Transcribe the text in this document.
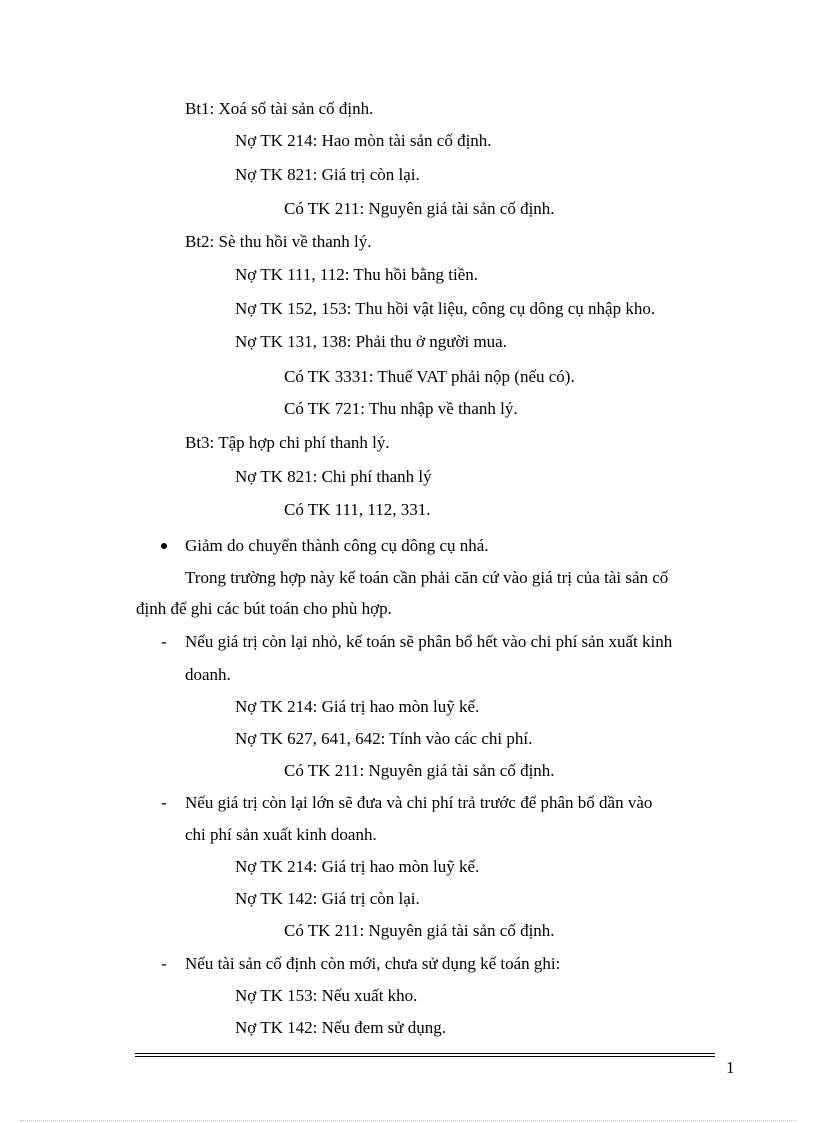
Bt1: Xoá sổ tài sản cố định.
Nợ TK 214: Hao mòn tài sản cố định.
Nợ TK 821: Giá trị còn lại.
Có TK 211: Nguyên giá tài sản cố định.
Bt2: Sè thu hồi về thanh lý.
Nợ TK 111, 112: Thu hồi bằng tiền.
Nợ TK 152, 153: Thu hồi vật liệu, công cụ dông cụ nhập kho.
Nợ TK 131, 138: Phải thu ở người mua.
Có TK 3331: Thuế VAT phải nộp (nếu có).
Có TK 721: Thu nhập về thanh lý.
Bt3: Tập hợp chi phí thanh lý.
Nợ TK 821: Chi phí thanh lý
Có TK 111, 112, 331.
Giảm do chuyển thành công cụ dông cụ nhá.
Trong trường hợp này kế toán cần phải căn cứ vào giá trị của tài sản cố
định để ghi các bút toán cho phù hợp.
- Nếu giá trị còn lại nhỏ, kế toán sẽ phân bổ hết vào chi phí sản xuất kinh
doanh.
Nợ TK 214: Giá trị hao mòn luỹ kế.
Nợ TK 627, 641, 642: Tính vào các chi phí.
Có TK 211: Nguyên giá tài sản cố định.
- Nếu giá trị còn lại lớn sẽ đưa và chi phí trả trước để phân bổ dần vào
chi phí sản xuất kinh doanh.
Nợ TK 214: Giá trị hao mòn luỹ kế.
Nợ TK 142: Giá trị còn lại.
Có TK 211: Nguyên giá tài sản cố định.
- Nếu tài sản cố định còn mới, chưa sử dụng kế toán ghi:
Nợ TK 153: Nếu xuất kho.
Nợ TK 142: Nếu đem sử dụng.
1
